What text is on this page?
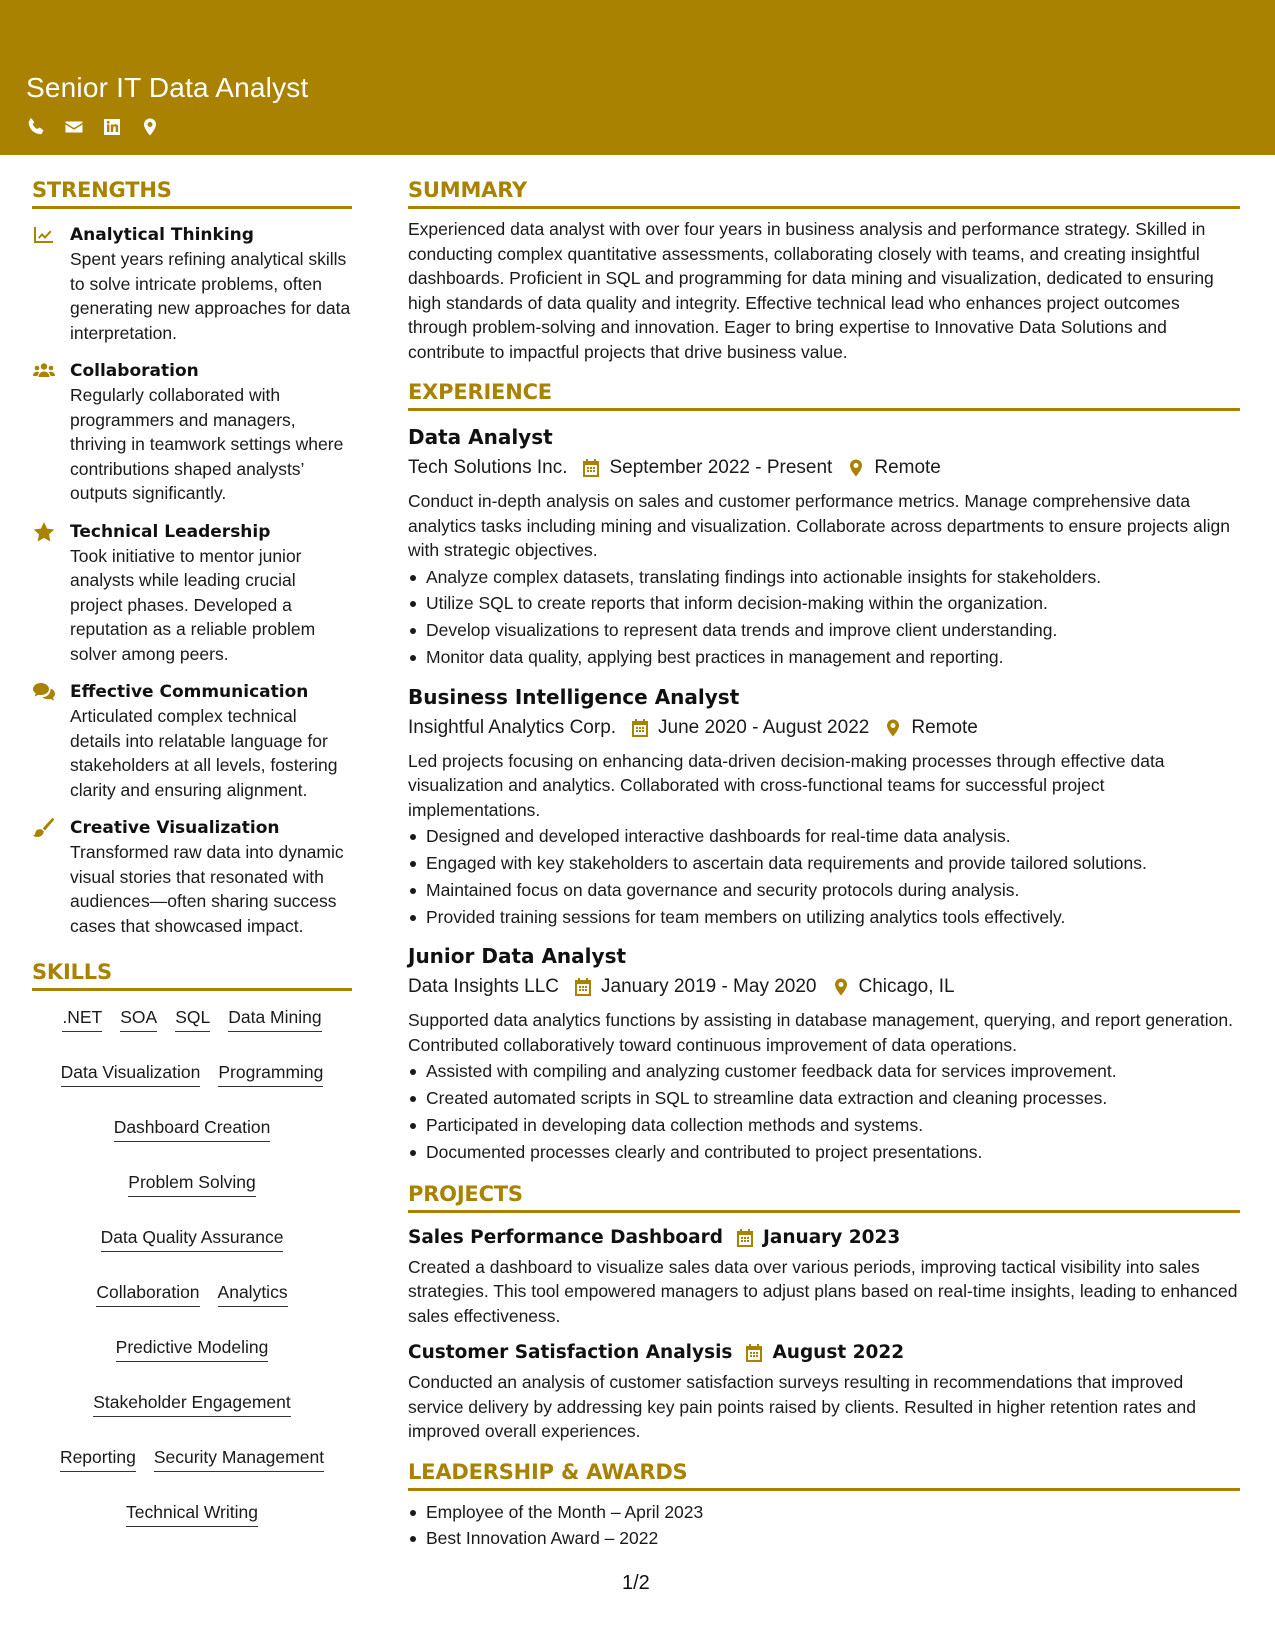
Senior IT Data Analyst
STRENGTHS
Analytical Thinking
Spent years refining analytical skills to solve intricate problems, often generating new approaches for data interpretation.
Collaboration
Regularly collaborated with programmers and managers, thriving in teamwork settings where contributions shaped analysts’ outputs significantly.
Technical Leadership
Took initiative to mentor junior analysts while leading crucial project phases. Developed a reputation as a reliable problem solver among peers.
Effective Communication
Articulated complex technical details into relatable language for stakeholders at all levels, fostering clarity and ensuring alignment.
Creative Visualization
Transformed raw data into dynamic visual stories that resonated with audiences—often sharing success cases that showcased impact.
SKILLS
.NET SOA SQL Data Mining
Data Visualization Programming
Dashboard Creation
Problem Solving
Data Quality Assurance
Collaboration Analytics
Predictive Modeling
Stakeholder Engagement
Reporting Security Management
Technical Writing
SUMMARY
Experienced data analyst with over four years in business analysis and performance strategy. Skilled in conducting complex quantitative assessments, collaborating closely with teams, and creating insightful dashboards. Proficient in SQL and programming for data mining and visualization, dedicated to ensuring high standards of data quality and integrity. Effective technical lead who enhances project outcomes through problem-solving and innovation. Eager to bring expertise to Innovative Data Solutions and contribute to impactful projects that drive business value.
EXPERIENCE
Data Analyst
Tech Solutions Inc. September 2022 - Present Remote
Conduct in-depth analysis on sales and customer performance metrics. Manage comprehensive data analytics tasks including mining and visualization. Collaborate across departments to ensure projects align with strategic objectives.
Analyze complex datasets, translating findings into actionable insights for stakeholders.
Utilize SQL to create reports that inform decision-making within the organization.
Develop visualizations to represent data trends and improve client understanding.
Monitor data quality, applying best practices in management and reporting.
Business Intelligence Analyst
Insightful Analytics Corp. June 2020 - August 2022 Remote
Led projects focusing on enhancing data-driven decision-making processes through effective data visualization and analytics. Collaborated with cross-functional teams for successful project implementations.
Designed and developed interactive dashboards for real-time data analysis.
Engaged with key stakeholders to ascertain data requirements and provide tailored solutions.
Maintained focus on data governance and security protocols during analysis.
Provided training sessions for team members on utilizing analytics tools effectively.
Junior Data Analyst
Data Insights LLC January 2019 - May 2020 Chicago, IL
Supported data analytics functions by assisting in database management, querying, and report generation. Contributed collaboratively toward continuous improvement of data operations.
Assisted with compiling and analyzing customer feedback data for services improvement.
Created automated scripts in SQL to streamline data extraction and cleaning processes.
Participated in developing data collection methods and systems.
Documented processes clearly and contributed to project presentations.
PROJECTS
Sales Performance Dashboard January 2023
Created a dashboard to visualize sales data over various periods, improving tactical visibility into sales strategies. This tool empowered managers to adjust plans based on real-time insights, leading to enhanced sales effectiveness.
Customer Satisfaction Analysis August 2022
Conducted an analysis of customer satisfaction surveys resulting in recommendations that improved service delivery by addressing key pain points raised by clients. Resulted in higher retention rates and improved overall experiences.
LEADERSHIP & AWARDS
Employee of the Month – April 2023
Best Innovation Award – 2022
1/2
